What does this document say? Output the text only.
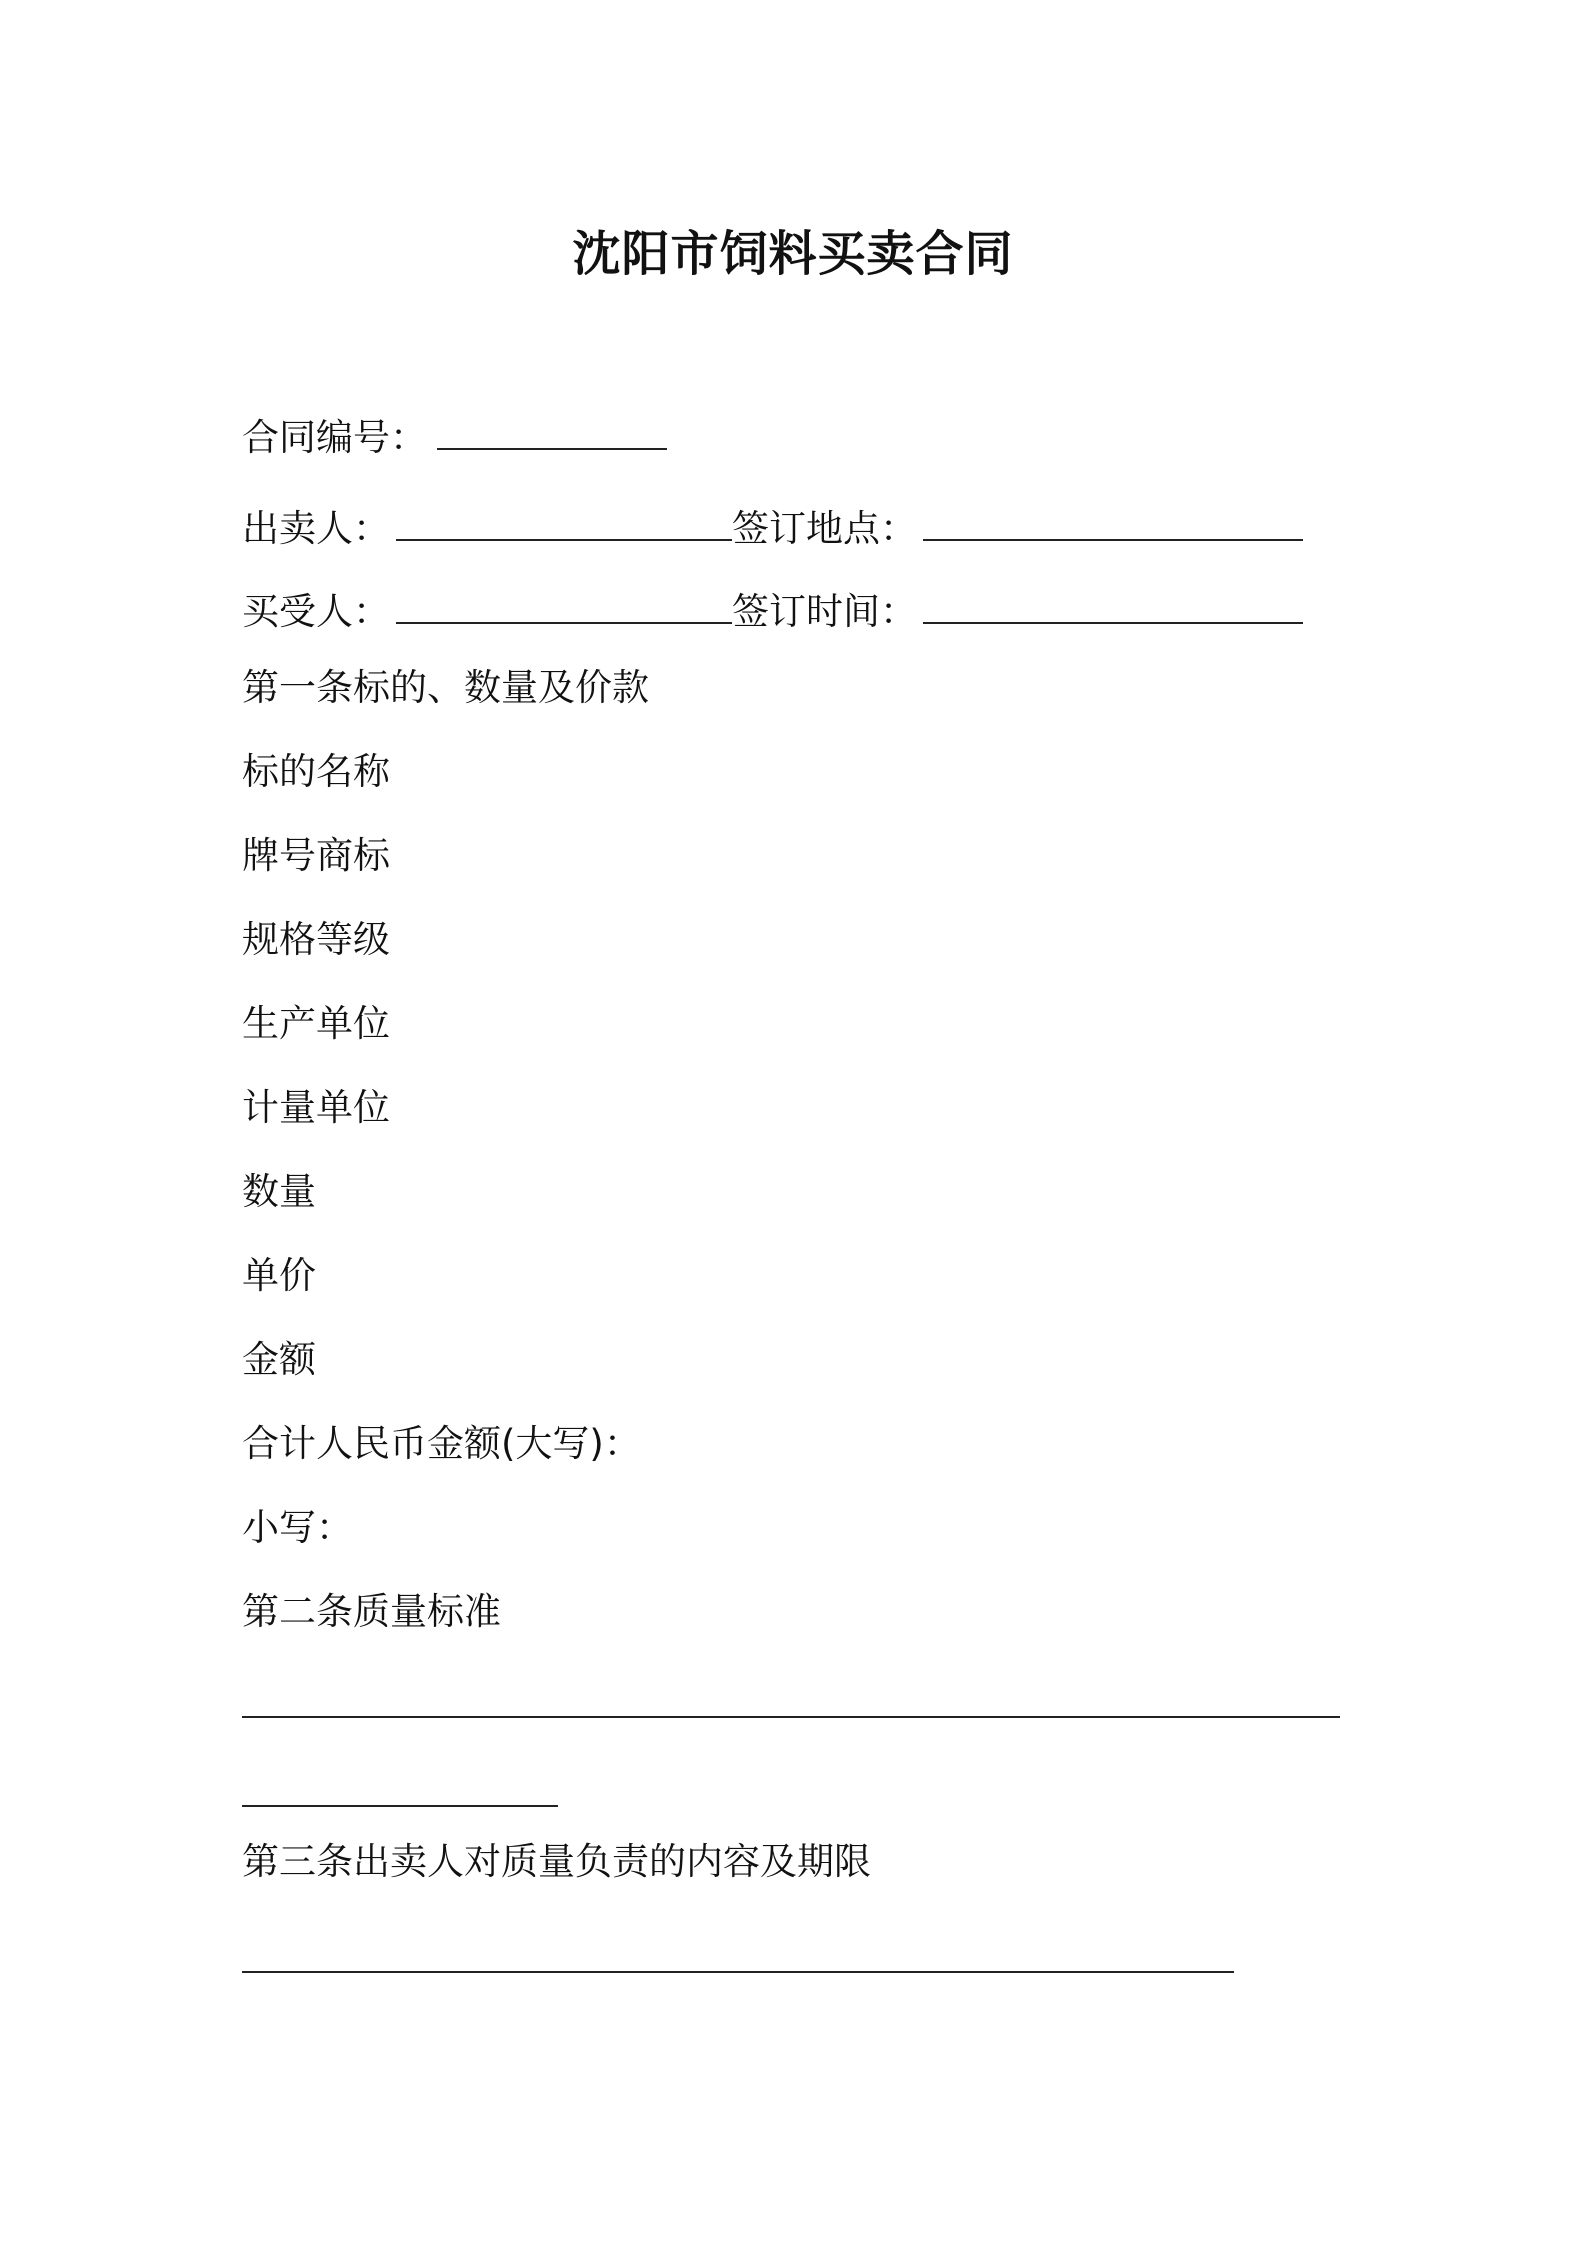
沈阳市饲料买卖合同
合同编号：
出卖人：	签订地点：
买受人：	签订时间：
第一条标的、数量及价款
标的名称
牌号商标
规格等级
生产单位
计量单位
数量
单价
金额
合计人民币金额(大写)：
小写：
第二条质量标准
第三条出卖人对质量负责的内容及期限
